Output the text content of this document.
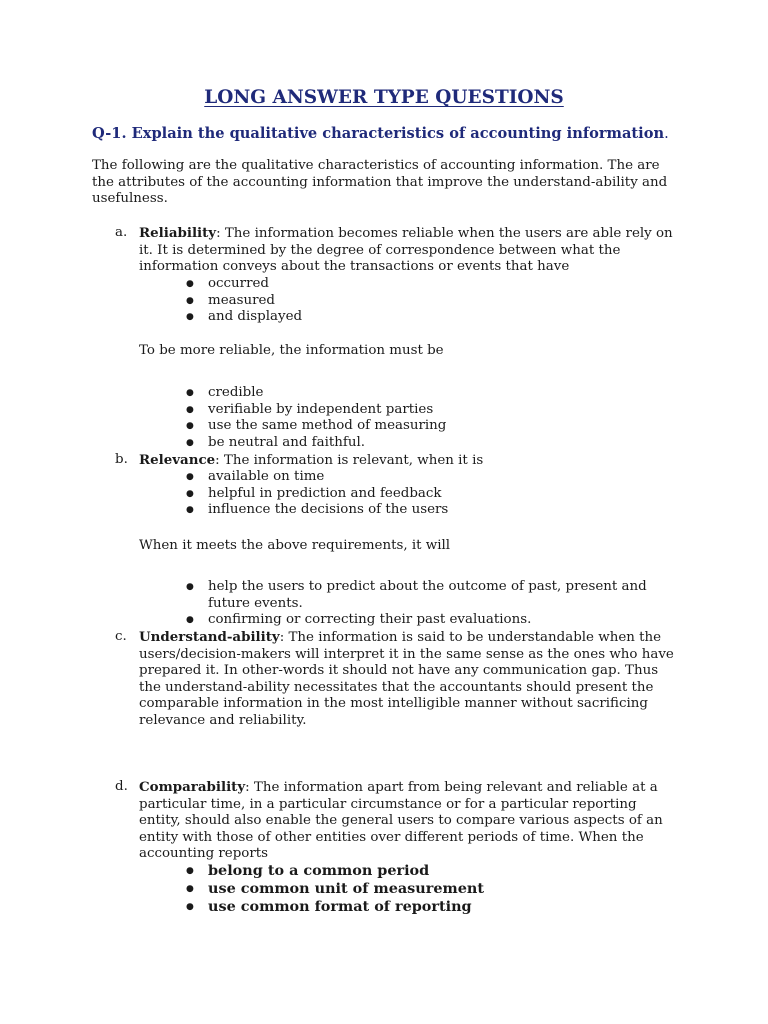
LONG ANSWER TYPE QUESTIONS
Q-1. Explain the qualitative characteristics of accounting information.
The following are the qualitative characteristics of accounting information. The are the attributes of the accounting information that improve the understand-ability and usefulness.
a. Reliability: The information becomes reliable when the users are able rely on it. It is determined by the degree of correspondence between what the information conveys about the transactions or events that have
● occurred
● measured
● and displayed
To be more reliable, the information must be
● credible
● verifiable by independent parties
● use the same method of measuring
● be neutral and faithful.
b. Relevance: The information is relevant, when it is
● available on time
● helpful in prediction and feedback
● influence the decisions of the users
When it meets the above requirements, it will
● help the users to predict about the outcome of past, present and future events.
● confirming or correcting their past evaluations.
c. Understand-ability: The information is said to be understandable when the users/decision-makers will interpret it in the same sense as the ones who have prepared it. In other-words it should not have any communication gap. Thus the understand-ability necessitates that the accountants should present the comparable information in the most intelligible manner without sacrificing relevance and reliability.
d. Comparability: The information apart from being relevant and reliable at a particular time, in a particular circumstance or for a particular reporting entity, should also enable the general users to compare various aspects of an entity with those of other entities over different periods of time. When the accounting reports
● belong to a common period
● use common unit of measurement
● use common format of reporting
